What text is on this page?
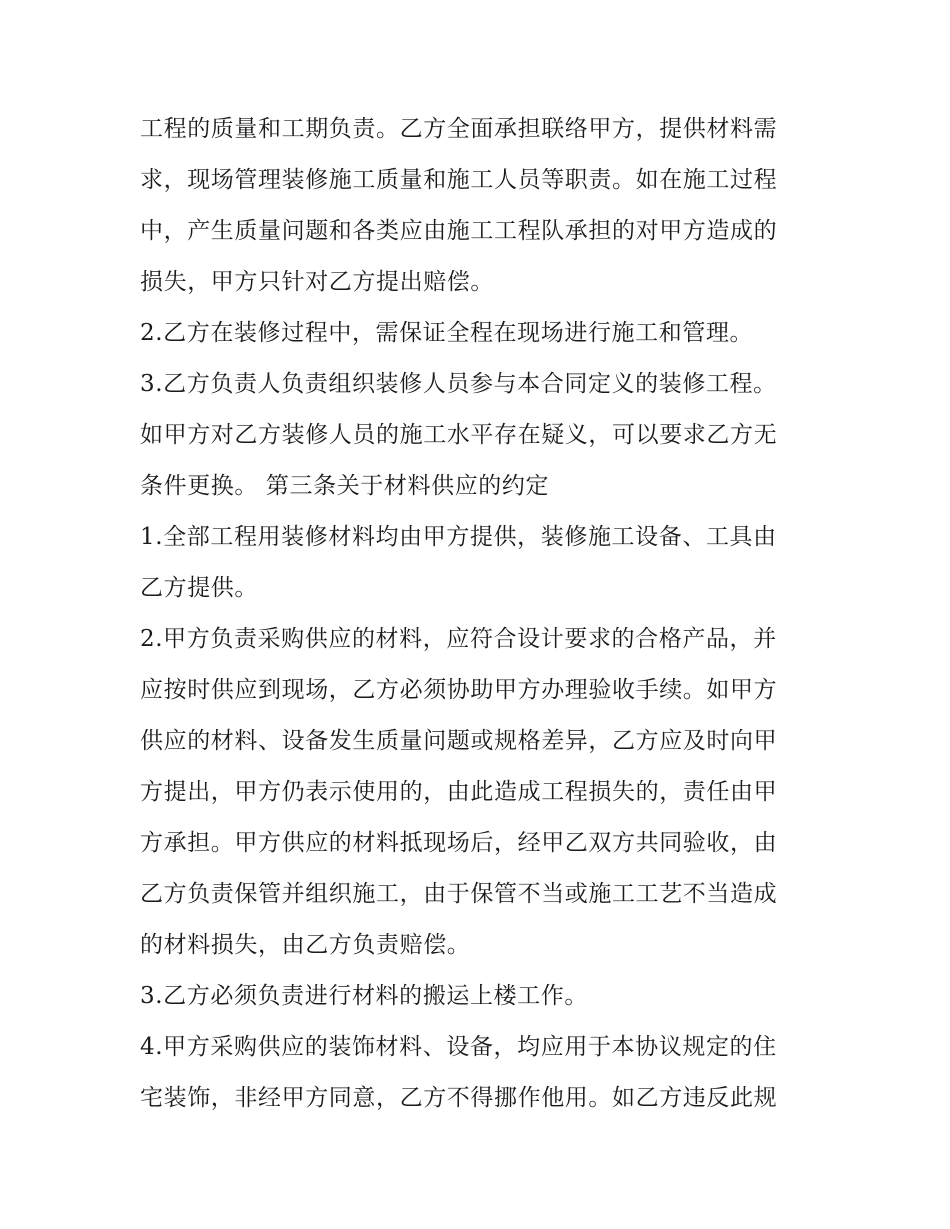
工程的质量和工期负责。乙方全面承担联络甲方，提供材料需
求，现场管理装修施工质量和施工人员等职责。如在施工过程
中，产生质量问题和各类应由施工工程队承担的对甲方造成的
损失，甲方只针对乙方提出赔偿。
2.乙方在装修过程中，需保证全程在现场进行施工和管理。
3.乙方负责人负责组织装修人员参与本合同定义的装修工程。
如甲方对乙方装修人员的施工水平存在疑义，可以要求乙方无
条件更换。 第三条关于材料供应的约定
1.全部工程用装修材料均由甲方提供，装修施工设备、工具由
乙方提供。
2.甲方负责采购供应的材料，应符合设计要求的合格产品，并
应按时供应到现场，乙方必须协助甲方办理验收手续。如甲方
供应的材料、设备发生质量问题或规格差异，乙方应及时向甲
方提出，甲方仍表示使用的，由此造成工程损失的，责任由甲
方承担。甲方供应的材料抵现场后，经甲乙双方共同验收，由
乙方负责保管并组织施工，由于保管不当或施工工艺不当造成
的材料损失，由乙方负责赔偿。
3.乙方必须负责进行材料的搬运上楼工作。
4.甲方采购供应的装饰材料、设备，均应用于本协议规定的住
宅装饰，非经甲方同意，乙方不得挪作他用。如乙方违反此规
